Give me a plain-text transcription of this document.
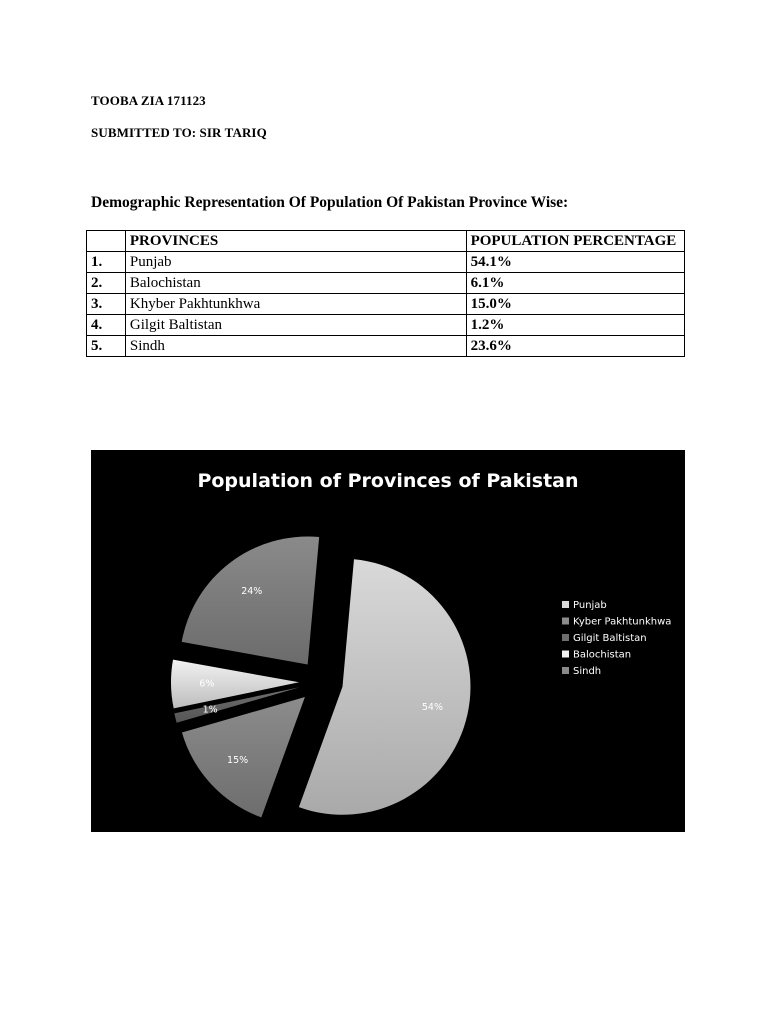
TOOBA ZIA 171123
SUBMITTED TO: SIR TARIQ
Demographic Representation Of Population Of Pakistan Province Wise:
	PROVINCES	POPULATION PERCENTAGE
1.	Punjab	54.1%
2.	Balochistan	6.1%
3.	Khyber Pakhtunkhwa	15.0%
4.	Gilgit Baltistan	1.2%
5.	Sindh	23.6%
Population of Provinces of Pakistan
54%
15%
1%
6%
24%
Punjab
Kyber Pakhtunkhwa
Gilgit Baltistan
Balochistan
Sindh
